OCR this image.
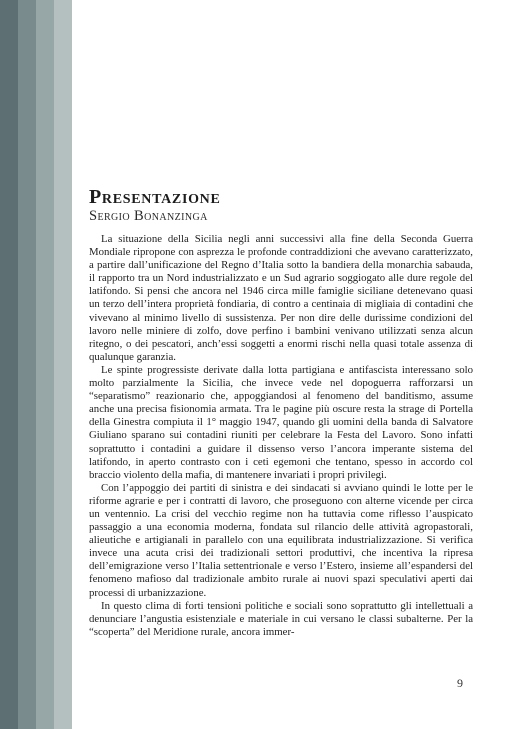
Presentazione
Sergio Bonanzinga

La situazione della Sicilia negli anni successivi alla fine della Seconda Guerra Mondiale ripropone con asprezza le profonde contraddizioni che avevano caratterizzato, a partire dall’unificazione del Regno d’Italia sotto la bandiera della monarchia sabauda, il rapporto tra un Nord industrializzato e un Sud agrario soggiogato alle dure regole del latifondo. Si pensi che ancora nel 1946 circa mille famiglie siciliane detenevano quasi un terzo dell’intera proprietà fondiaria, di contro a centinaia di migliaia di contadini che vivevano al minimo livello di sussistenza. Per non dire delle durissime condizioni del lavoro nelle miniere di zolfo, dove perfino i bambini venivano utilizzati senza alcun ritegno, o dei pescatori, anch’essi soggetti a enormi rischi nella quasi totale assenza di qualunque garanzia.

Le spinte progressiste derivate dalla lotta partigiana e antifascista interessano solo molto parzialmente la Sicilia, che invece vede nel dopoguerra rafforzarsi un “separatismo” reazionario che, appoggiandosi al fenomeno del banditismo, assume anche una precisa fisionomia armata. Tra le pagine più oscure resta la strage di Portella della Ginestra compiuta il 1° maggio 1947, quando gli uomini della banda di Salvatore Giuliano sparano sui contadini riuniti per celebrare la Festa del Lavoro. Sono infatti soprattutto i contadini a guidare il dissenso verso l’ancora imperante sistema del latifondo, in aperto contrasto con i ceti egemoni che tentano, spesso in accordo col braccio violento della mafia, di mantenere invariati i propri privilegi.

Con l’appoggio dei partiti di sinistra e dei sindacati si avviano quindi le lotte per le riforme agrarie e per i contratti di lavoro, che proseguono con alterne vicende per circa un ventennio. La crisi del vecchio regime non ha tuttavia come riflesso l’auspicato passaggio a una economia moderna, fondata sul rilancio delle attività agropastorali, alieutiche e artigianali in parallelo con una equilibrata industrializzazione. Si verifica invece una acuta crisi dei tradizionali settori produttivi, che incentiva la ripresa dell’emigrazione verso l’Italia settentrionale e verso l’Estero, insieme all’espandersi del fenomeno mafioso dal tradizionale ambito rurale ai nuovi spazi speculativi aperti dai processi di urbanizzazione.

In questo clima di forti tensioni politiche e sociali sono soprattutto gli intellettuali a denunciare l’angustia esistenziale e materiale in cui versano le classi subalterne. Per la “scoperta” del Meridione rurale, ancora immer-

9
